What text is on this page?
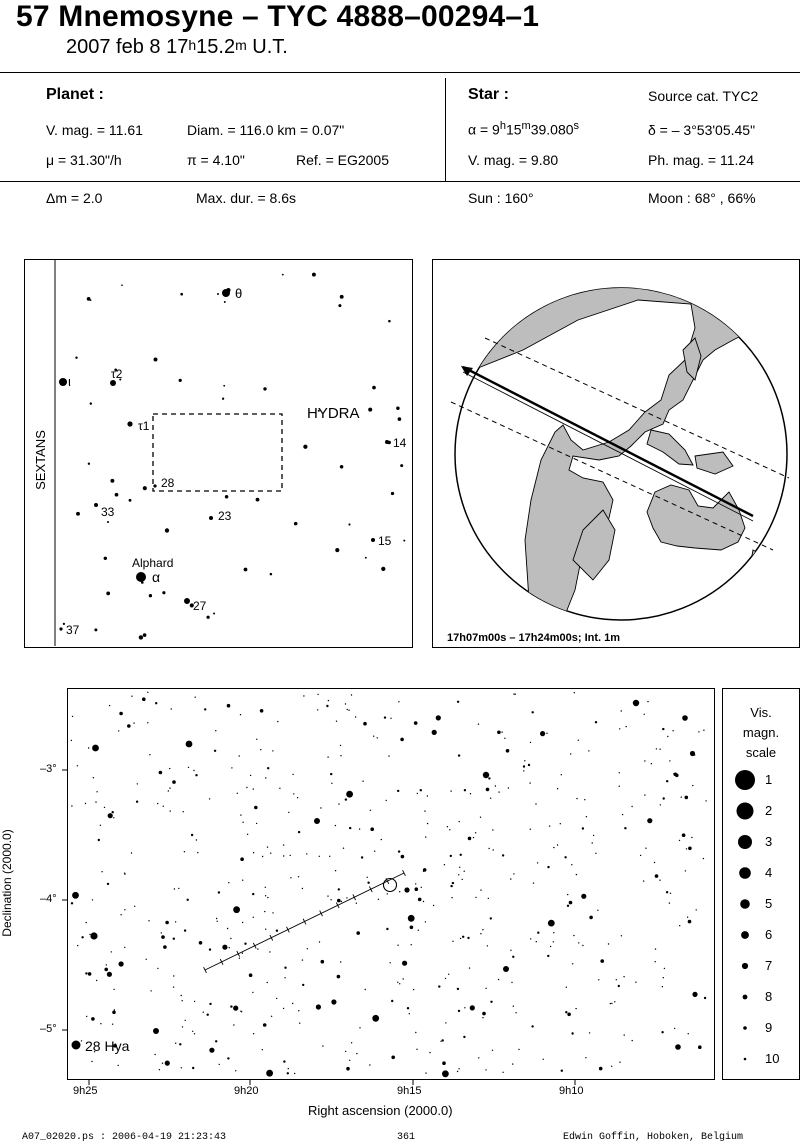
57 Mnemosyne – TYC 4888–00294–1
2007 feb 8 17$^h$15.2$^m$ U.T.
Planet :
V. mag. = 11.61	Diam. = 116.0 km = 0.07"
μ = 31.30"/h	π = 4.10"	Ref. = EG2005
Δm = 2.0	Max. dur. = 8.6s
Star :	Source cat. TYC2
$\alpha = 9^h15^m39.080^s$	δ = – 3°53'05.45"
V. mag. = 9.80	Ph. mag. = 11.24
Sun : 160°	Moon : 68° , 66%
SEXTANS
HYDRA
θ
ι	τ2
τ1
28
33	23
14
15
Alphard
α
27
37
17h07m00s – 17h24m00s; Int. 1m
28 Hya
9h25	9h20	9h15	9h10
–3°
–4°
–5°
Right ascension (2000.0)
Declination (2000.0)
Vis.
magn.
scale
1
2
3
4
5
6
7
8
9
10
A07_02020.ps : 2006-04-19 21:23:43	361	Edwin Goffin, Hoboken, Belgium
